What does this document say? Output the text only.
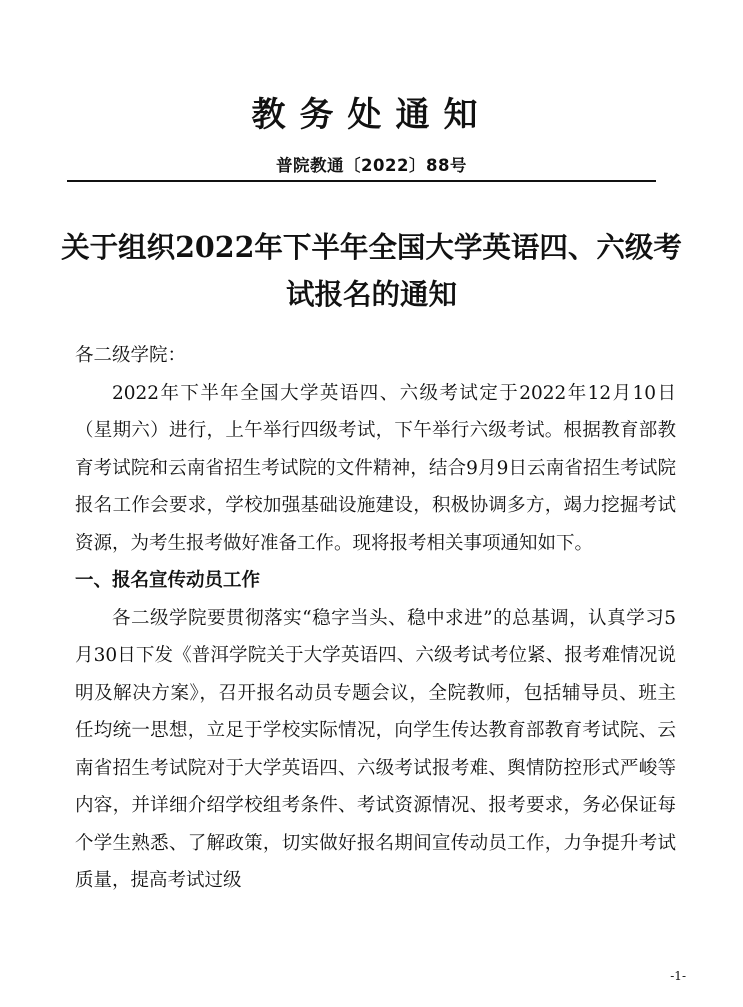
教务处通知
普院教通〔2022〕88号
关于组织2022年下半年全国大学英语四、六级考试报名的通知

各二级学院：

2022年下半年全国大学英语四、六级考试定于2022年12月10日（星期六）进行，上午举行四级考试，下午举行六级考试。根据教育部教育考试院和云南省招生考试院的文件精神，结合9月9日云南省招生考试院报名工作会要求，学校加强基础设施建设，积极协调多方，竭力挖掘考试资源，为考生报考做好准备工作。现将报考相关事项通知如下。

一、报名宣传动员工作

各二级学院要贯彻落实“稳字当头、稳中求进”的总基调，认真学习5月30日下发《普洱学院关于大学英语四、六级考试考位紧、报考难情况说明及解决方案》，召开报名动员专题会议，全院教师，包括辅导员、班主任均统一思想，立足于学校实际情况，向学生传达教育部教育考试院、云南省招生考试院对于大学英语四、六级考试报考难、舆情防控形式严峻等内容，并详细介绍学校组考条件、考试资源情况、报考要求，务必保证每个学生熟悉、了解政策，切实做好报名期间宣传动员工作，力争提升考试质量，提高考试过级

-1-
